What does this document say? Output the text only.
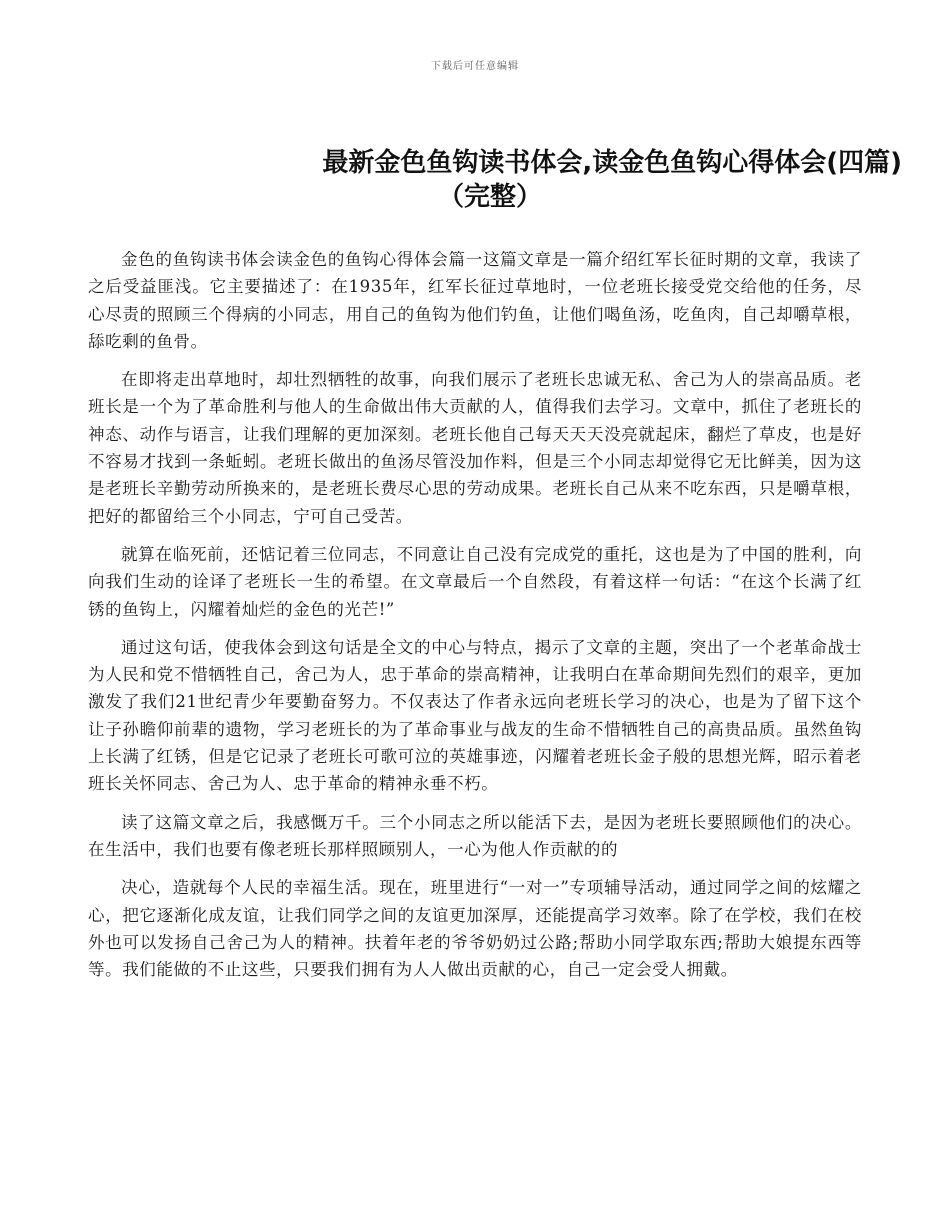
下载后可任意编辑
最新金色鱼钩读书体会,读金色鱼钩心得体会(四篇)
（完整）

金色的鱼钩读书体会读金色的鱼钩心得体会篇一这篇文章是一篇介绍红军长征时期的文章，我读了之后受益匪浅。它主要描述了：在1935年，红军长征过草地时，一位老班长接受党交给他的任务，尽心尽责的照顾三个得病的小同志，用自己的鱼钩为他们钓鱼，让他们喝鱼汤，吃鱼肉，自己却嚼草根，舔吃剩的鱼骨。

在即将走出草地时，却壮烈牺牲的故事，向我们展示了老班长忠诚无私、舍己为人的崇高品质。老班长是一个为了革命胜利与他人的生命做出伟大贡献的人，值得我们去学习。文章中，抓住了老班长的神态、动作与语言，让我们理解的更加深刻。老班长他自己每天天天没亮就起床，翻烂了草皮，也是好不容易才找到一条蚯蚓。老班长做出的鱼汤尽管没加作料，但是三个小同志却觉得它无比鲜美，因为这是老班长辛勤劳动所换来的，是老班长费尽心思的劳动成果。老班长自己从来不吃东西，只是嚼草根，把好的都留给三个小同志，宁可自己受苦。

就算在临死前，还惦记着三位同志，不同意让自己没有完成党的重托，这也是为了中国的胜利，向向我们生动的诠译了老班长一生的希望。在文章最后一个自然段，有着这样一句话：“在这个长满了红锈的鱼钩上，闪耀着灿烂的金色的光芒!”

通过这句话，使我体会到这句话是全文的中心与特点，揭示了文章的主题，突出了一个老革命战士为人民和党不惜牺牲自己，舍己为人，忠于革命的崇高精神，让我明白在革命期间先烈们的艰辛，更加激发了我们21世纪青少年要勤奋努力。不仅表达了作者永远向老班长学习的决心，也是为了留下这个让子孙瞻仰前辈的遗物，学习老班长的为了革命事业与战友的生命不惜牺牲自己的高贵品质。虽然鱼钩上长满了红锈，但是它记录了老班长可歌可泣的英雄事迹，闪耀着老班长金子般的思想光辉，昭示着老班长关怀同志、舍己为人、忠于革命的精神永垂不朽。

读了这篇文章之后，我感慨万千。三个小同志之所以能活下去，是因为老班长要照顾他们的决心。在生活中，我们也要有像老班长那样照顾别人，一心为他人作贡献的的

决心，造就每个人民的幸福生活。现在，班里进行“一对一”专项辅导活动，通过同学之间的炫耀之心，把它逐渐化成友谊，让我们同学之间的友谊更加深厚，还能提高学习效率。除了在学校，我们在校外也可以发扬自己舍己为人的精神。扶着年老的爷爷奶奶过公路;帮助小同学取东西;帮助大娘提东西等等。我们能做的不止这些，只要我们拥有为人人做出贡献的心，自己一定会受人拥戴。
